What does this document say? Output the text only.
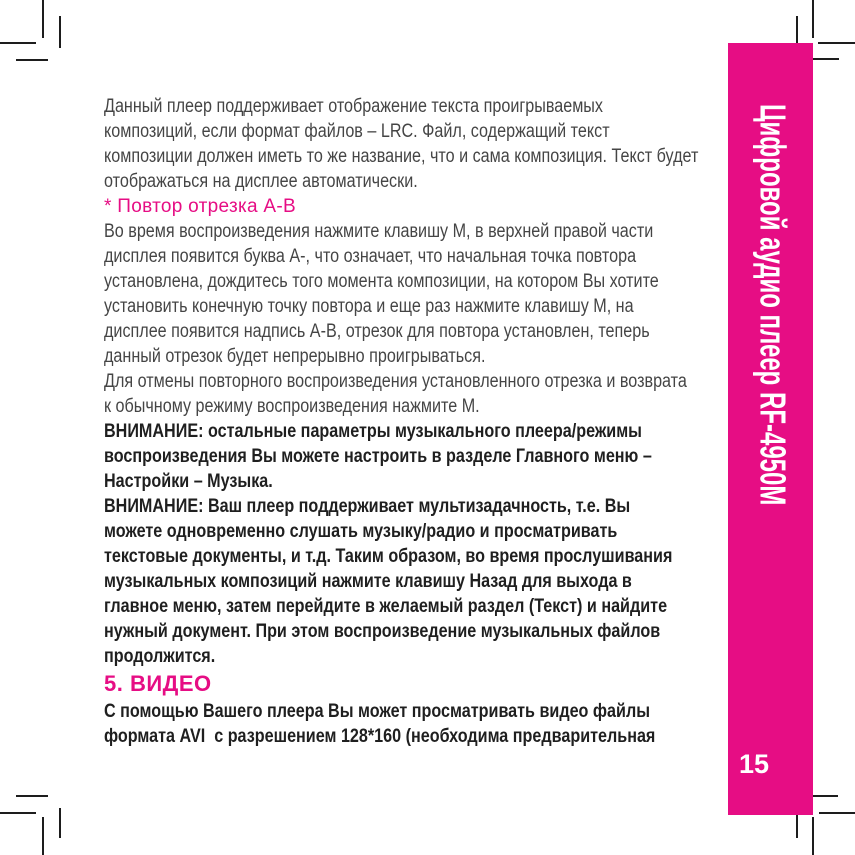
Данный плеер поддерживает отображение текста проигрываемых
композиций, если формат файлов – LRC. Файл, содержащий текст
композиции должен иметь то же название, что и сама композиция. Текст будет
отображаться на дисплее автоматически.
* Повтор отрезка А-В
Во время воспроизведения нажмите клавишу М, в верхней правой части
дисплея появится буква А-, что означает, что начальная точка повтора
установлена, дождитесь того момента композиции, на котором Вы хотите
установить конечную точку повтора и еще раз нажмите клавишу М, на
дисплее появится надпись А-В, отрезок для повтора установлен, теперь
данный отрезок будет непрерывно проигрываться.
Для отмены повторного воспроизведения установленного отрезка и возврата
к обычному режиму воспроизведения нажмите М.
ВНИМАНИЕ: остальные параметры музыкального плеера/режимы
воспроизведения Вы можете настроить в разделе Главного меню –
Настройки – Музыка.
ВНИМАНИЕ: Ваш плеер поддерживает мультизадачность, т.е. Вы
можете одновременно слушать музыку/радио и просматривать
текстовые документы, и т.д. Таким образом, во время прослушивания
музыкальных композиций нажмите клавишу Назад для выхода в
главное меню, затем перейдите в желаемый раздел (Текст) и найдите
нужный документ. При этом воспроизведение музыкальных файлов
продолжится.
5. ВИДЕО
С помощью Вашего плеера Вы может просматривать видео файлы
формата AVI  с разрешением 128*160 (необходима предварительная
Цифровой аудио плеер RF-4950M
15
